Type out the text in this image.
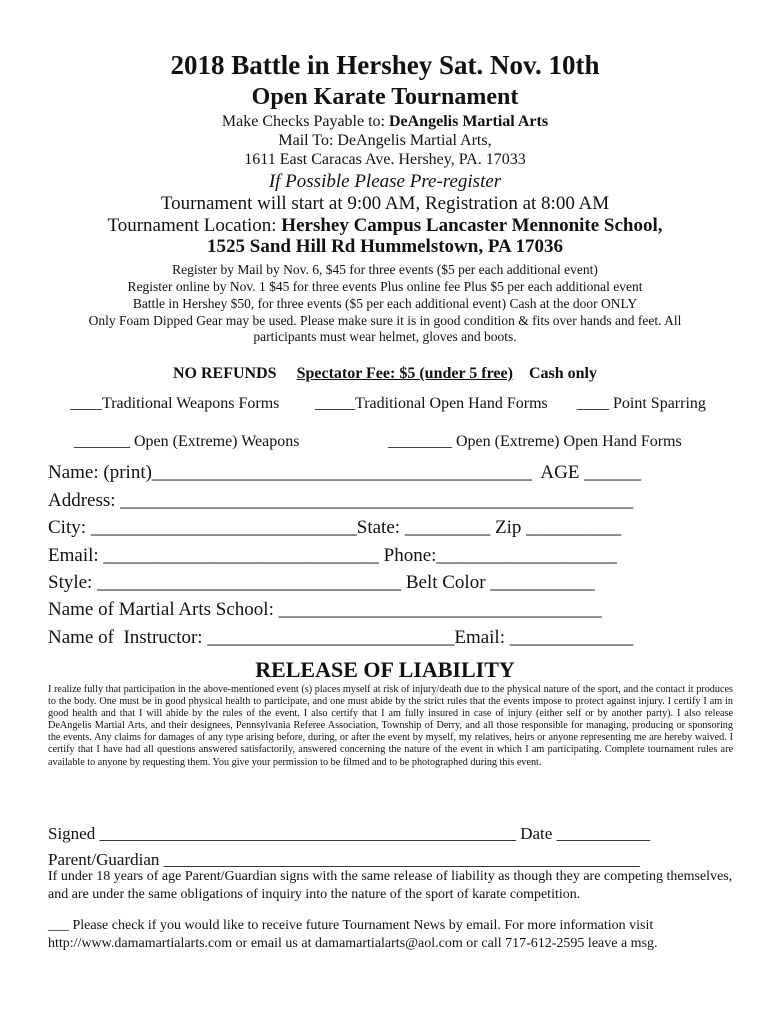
2018 Battle in Hershey Sat. Nov. 10th
Open Karate Tournament
Make Checks Payable to: DeAngelis Martial Arts
Mail To: DeAngelis Martial Arts,
1611 East Caracas Ave. Hershey, PA. 17033
If Possible Please Pre-register
Tournament will start at 9:00 AM, Registration at 8:00 AM
Tournament Location: Hershey Campus Lancaster Mennonite School,
1525 Sand Hill Rd Hummelstown, PA 17036
Register by Mail by Nov. 6, $45 for three events ($5 per each additional event)
Register online by Nov. 1 $45 for three events Plus online fee Plus $5 per each additional event
Battle in Hershey $50, for three events ($5 per each additional event) Cash at the door ONLY
Only Foam Dipped Gear may be used. Please make sure it is in good condition & fits over hands and feet. All
participants must wear helmet, gloves and boots.
NO REFUNDS Spectator Fee: $5 (under 5 free) Cash only
____Traditional Weapons Forms _____Traditional Open Hand Forms ____ Point Sparring
_______ Open (Extreme) Weapons	________ Open (Extreme) Open Hand Forms
Name: (print)________________________________________  AGE ______
Address: ______________________________________________________
City: ____________________________State: _________ Zip __________
Email: _____________________________ Phone:___________________
Style: ________________________________ Belt Color ___________
Name of Martial Arts School: __________________________________
Name of  Instructor: __________________________Email: _____________
RELEASE OF LIABILITY
I realize fully that participation in the above-mentioned event (s) places myself at risk of injury/death due to the physical nature of the sport, and the contact it produces to the body. One must be in good physical health to participate, and one must abide by the strict rules that the events impose to protect against injury. I certify I am in good health and that I will abide by the rules of the event. I also certify that I am fully insured in case of injury (either self or by another party). I also release DeAngelis Martial Arts, and their designees, Pennsylvania Referee Association, Township of Derry, and all those responsible for managing, producing or sponsoring the events. Any claims for damages of any type arising before, during, or after the event by myself, my relatives, heirs or anyone representing me are hereby waived. I certify that I have had all questions answered satisfactorily, answered concerning the nature of the event in which I am participating. Complete tournament rules are available to anyone by requesting them. You give your permission to be filmed and to be photographed during this event.
Signed _________________________________________________ Date ___________
Parent/Guardian ________________________________________________________
If under 18 years of age Parent/Guardian signs with the same release of liability as though they are competing themselves, and are under the same obligations of inquiry into the nature of the sport of karate competition.
___ Please check if you would like to receive future Tournament News by email. For more information visit http://www.damamartialarts.com or email us at damamartialarts@aol.com or call 717-612-2595 leave a msg.
